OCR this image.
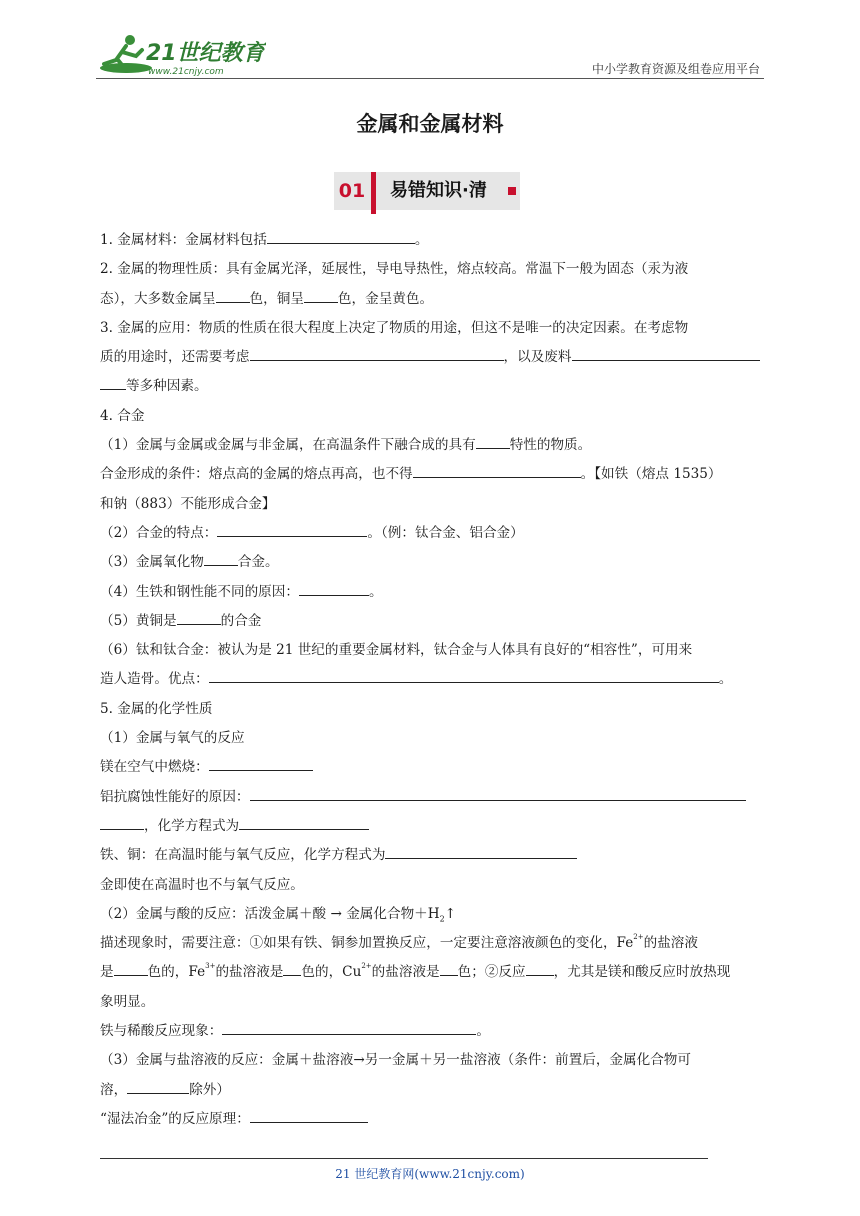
21世纪教育
www.21cnjy.com	中小学教育资源及组卷应用平台
金属和金属材料
01 易错知识·清
1. 金属材料：金属材料包括	。
2. 金属的物理性质：具有金属光泽，延展性，导电导热性，熔点较高。常温下一般为固态（汞为液
态），大多数金属呈	色，铜呈	色，金呈黄色。
3. 金属的应用：物质的性质在很大程度上决定了物质的用途，但这不是唯一的决定因素。在考虑物
质的用途时，还需要考虑	，以及废料
等多种因素。
4. 合金
（1）金属与金属或金属与非金属，在高温条件下融合成的具有	特性的物质。
合金形成的条件：熔点高的金属的熔点再高，也不得	。【如铁（熔点 1535）
和钠（883）不能形成合金】
（2）合金的特点：	。（例：钛合金、铝合金）
（3）金属氧化物	合金。
（4）生铁和钢性能不同的原因：	。
（5）黄铜是	的合金
（6）钛和钛合金：被认为是 21 世纪的重要金属材料，钛合金与人体具有良好的“相容性”，可用来
造人造骨。优点：	。
5. 金属的化学性质
（1）金属与氧气的反应
镁在空气中燃烧：
铝抗腐蚀性能好的原因：
，化学方程式为
铁、铜：在高温时能与氧气反应，化学方程式为
金即使在高温时也不与氧气反应。
（2）金属与酸的反应：活泼金属＋酸 → 金属化合物$+H_2↑$
描述现象时，需要注意：①如果有铁、铜参加置换反应，一定要注意溶液颜色的变化，$Fe^{2+}$的盐溶液
是	色的，$Fe^{3+}$的盐溶液是 色的，$Cu^{2+}$的盐溶液是 色；②反应 ，尤其是镁和酸反应时放热现
象明显。
铁与稀酸反应现象：	。
（3）金属与盐溶液的反应：金属＋盐溶液→另一金属＋另一盐溶液（条件：前置后，金属化合物可
溶，	除外）
“湿法冶金”的反应原理：
21 世纪教育网(www.21cnjy.com)
